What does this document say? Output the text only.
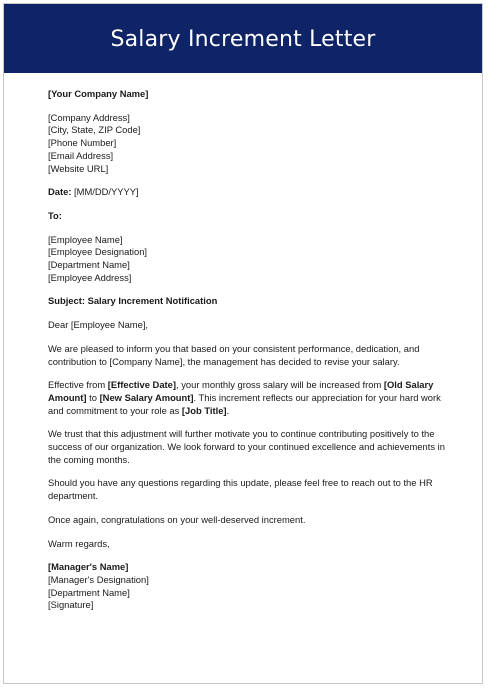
Salary Increment Letter

[Your Company Name]

[Company Address]
[City, State, ZIP Code]
[Phone Number]
[Email Address]
[Website URL]

Date: [MM/DD/YYYY]

To:

[Employee Name]
[Employee Designation]
[Department Name]
[Employee Address]

Subject: Salary Increment Notification

Dear [Employee Name],

We are pleased to inform you that based on your consistent performance, dedication, and contribution to [Company Name], the management has decided to revise your salary.

Effective from [Effective Date], your monthly gross salary will be increased from [Old Salary Amount] to [New Salary Amount]. This increment reflects our appreciation for your hard work and commitment to your role as [Job Title].

We trust that this adjustment will further motivate you to continue contributing positively to the success of our organization. We look forward to your continued excellence and achievements in the coming months.

Should you have any questions regarding this update, please feel free to reach out to the HR department.

Once again, congratulations on your well-deserved increment.

Warm regards,

[Manager's Name]

[Manager's Designation]
[Department Name]
[Signature]
